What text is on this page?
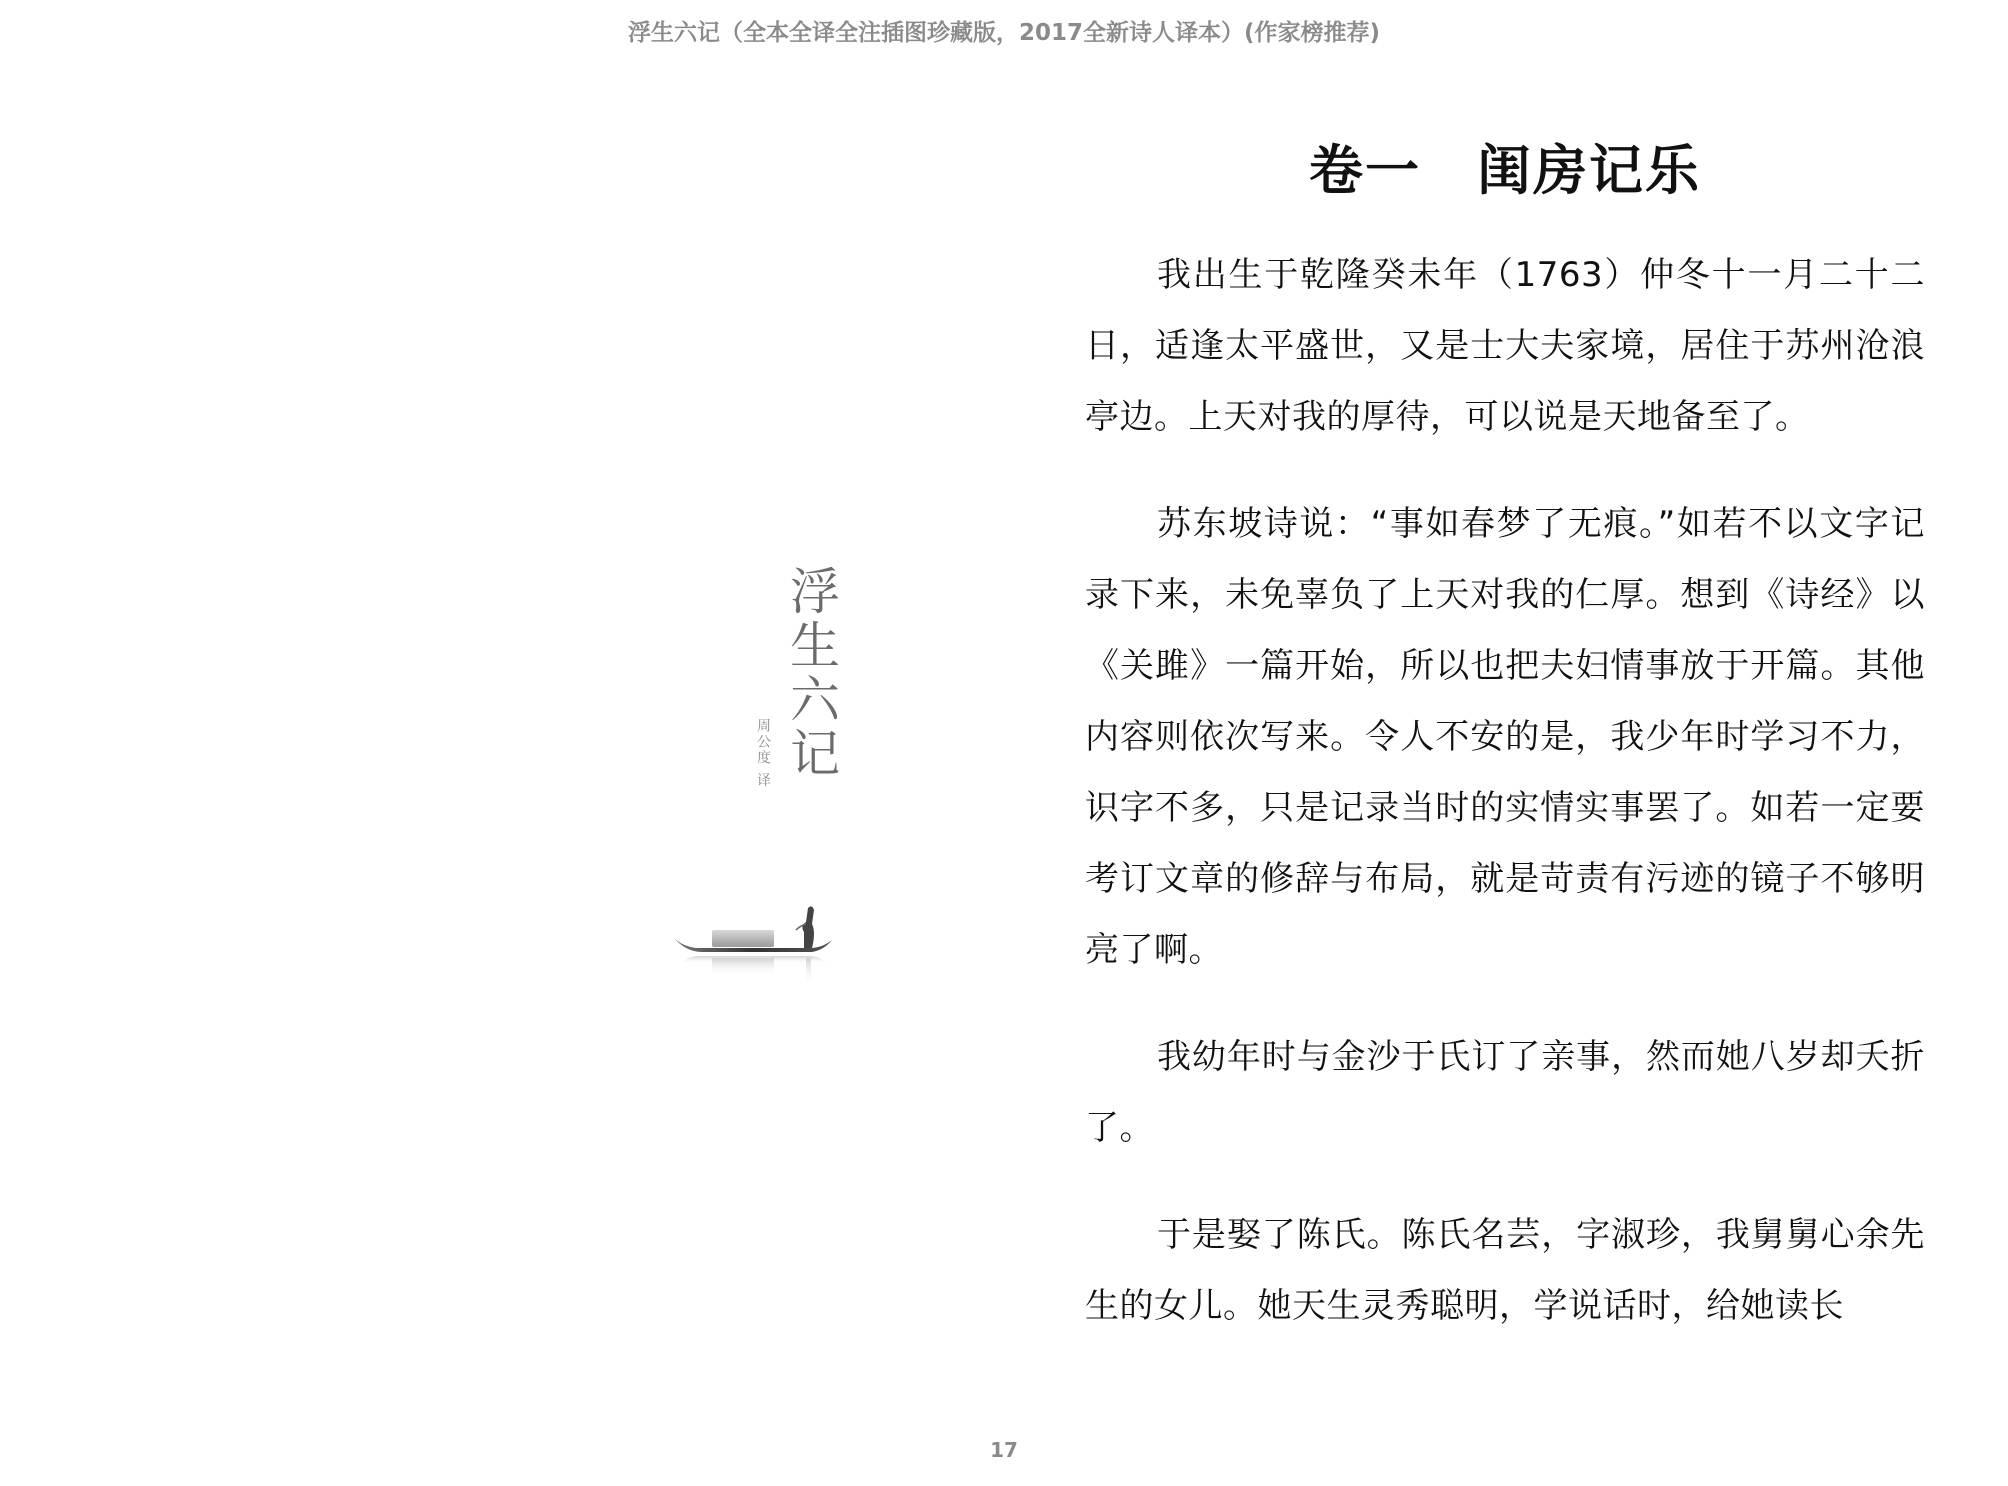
浮生六记（全本全译全注插图珍藏版，2017全新诗人译本）(作家榜推荐)
浮生六记
周公度 译
卷一　闺房记乐

我出生于乾隆癸未年（1763）仲冬十一月二十二日，适逢太平盛世，又是士大夫家境，居住于苏州沧浪亭边。上天对我的厚待，可以说是天地备至了。

苏东坡诗说：“事如春梦了无痕。”如若不以文字记录下来，未免辜负了上天对我的仁厚。想到《诗经》以《关雎》一篇开始，所以也把夫妇情事放于开篇。其他内容则依次写来。令人不安的是，我少年时学习不力，识字不多，只是记录当时的实情实事罢了。如若一定要考订文章的修辞与布局，就是苛责有污迹的镜子不够明亮了啊。

我幼年时与金沙于氏订了亲事，然而她八岁却夭折了。

于是娶了陈氏。陈氏名芸，字淑珍，我舅舅心余先生的女儿。她天生灵秀聪明，学说话时，给她读长

17
